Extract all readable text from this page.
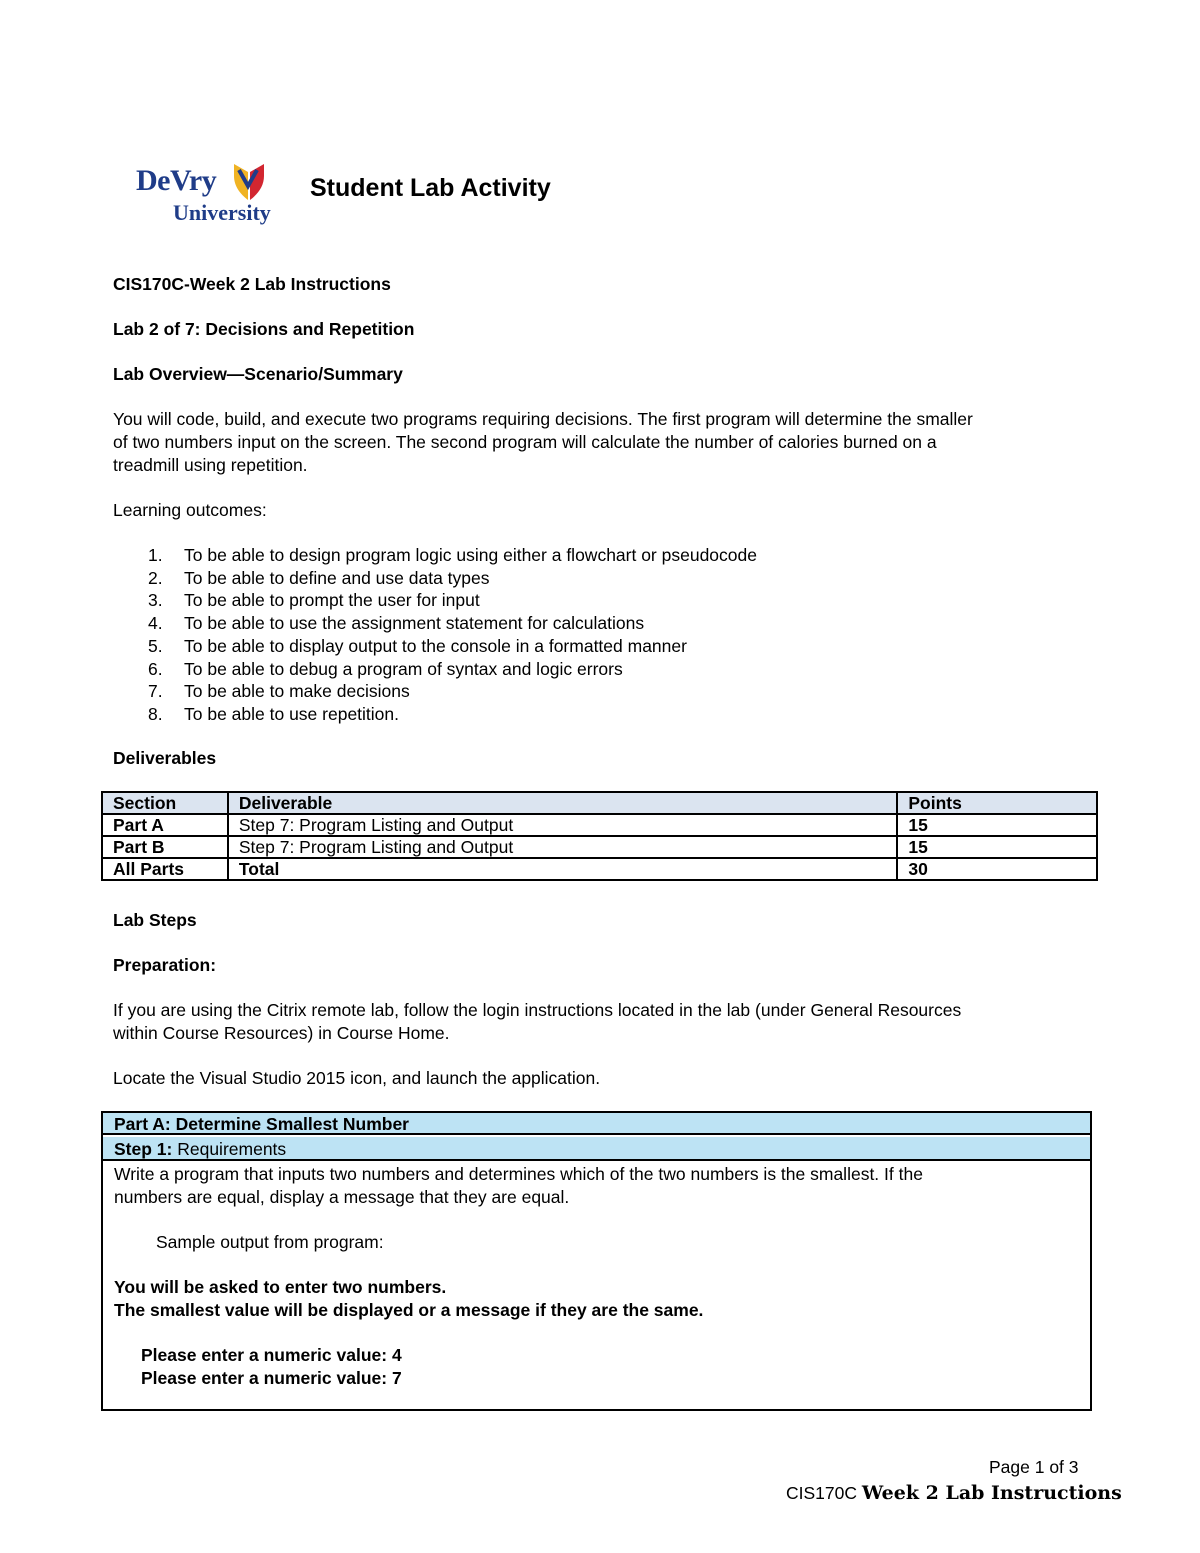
DeVry
University
Student Lab Activity
CIS170C-Week 2 Lab Instructions
Lab 2 of 7: Decisions and Repetition
Lab Overview—Scenario/Summary
You will code, build, and execute two programs requiring decisions. The first program will determine the smaller
of two numbers input on the screen. The second program will calculate the number of calories burned on a
treadmill using repetition.
Learning outcomes:
1. To be able to design program logic using either a flowchart or pseudocode
2. To be able to define and use data types
3. To be able to prompt the user for input
4. To be able to use the assignment statement for calculations
5. To be able to display output to the console in a formatted manner
6. To be able to debug a program of syntax and logic errors
7. To be able to make decisions
8. To be able to use repetition.
Deliverables
Section	Deliverable	Points
Part A	Step 7: Program Listing and Output	15
Part B	Step 7: Program Listing and Output	15
All Parts	Total	30
Lab Steps
Preparation:
If you are using the Citrix remote lab, follow the login instructions located in the lab (under General Resources
within Course Resources) in Course Home.
Locate the Visual Studio 2015 icon, and launch the application.
Part A: Determine Smallest Number
Step 1: Requirements
Write a program that inputs two numbers and determines which of the two numbers is the smallest. If the
numbers are equal, display a message that they are equal.
Sample output from program:
You will be asked to enter two numbers.
The smallest value will be displayed or a message if they are the same.
Please enter a numeric value: 4
Please enter a numeric value: 7
Page 1 of 3
CIS170C Week 2 Lab Instructions
